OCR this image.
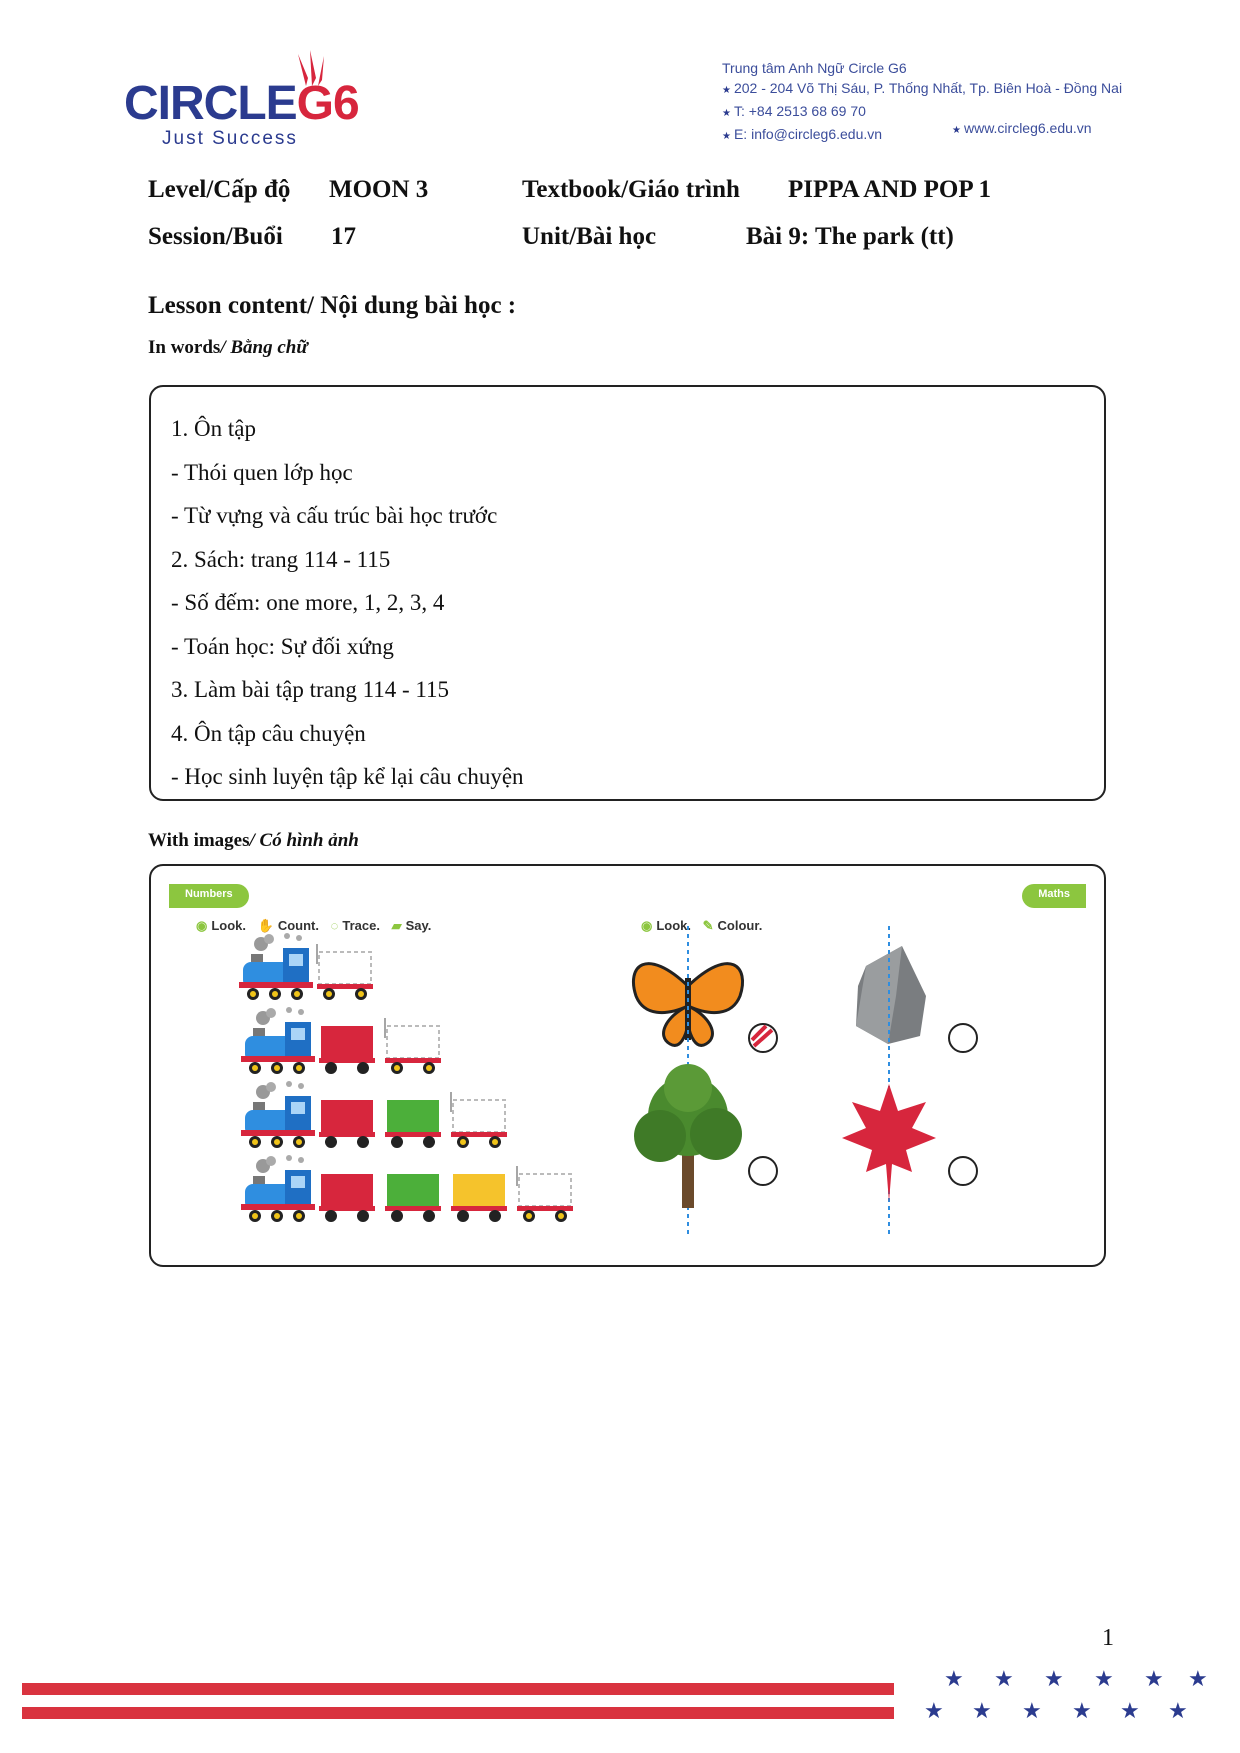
CIRCLEG6
Just Success
Trung tâm Anh Ngữ Circle G6
★ 202 - 204 Võ Thị Sáu, P. Thống Nhất, Tp. Biên Hoà - Đồng Nai
★ T: +84 2513 68 69 70
★ E: info@circleg6.edu.vn	★ www.circleg6.edu.vn
Level/Cấp độ MOON 3	Textbook/Giáo trình PIPPA AND POP 1
Session/Buổi 17	Unit/Bài học	Bài 9: The park (tt)
Lesson content/ Nội dung bài học :
In words/ Bằng chữ
1. Ôn tập
- Thói quen lớp học
- Từ vựng và cấu trúc bài học trước
2. Sách: trang 114 - 115
- Số đếm: one more, 1, 2, 3, 4
- Toán học: Sự đối xứng
3. Làm bài tập trang 114 - 115
4. Ôn tập câu chuyện
- Học sinh luyện tập kể lại câu chuyện
With images/ Có hình ảnh
Numbers	Maths
◉ Look. ✋ Count. ◌ Trace. ▰ Say.	◉ Look. ✎ Colour.
1
★ ★ ★ ★ ★ ★
★ ★ ★ ★ ★ ★
